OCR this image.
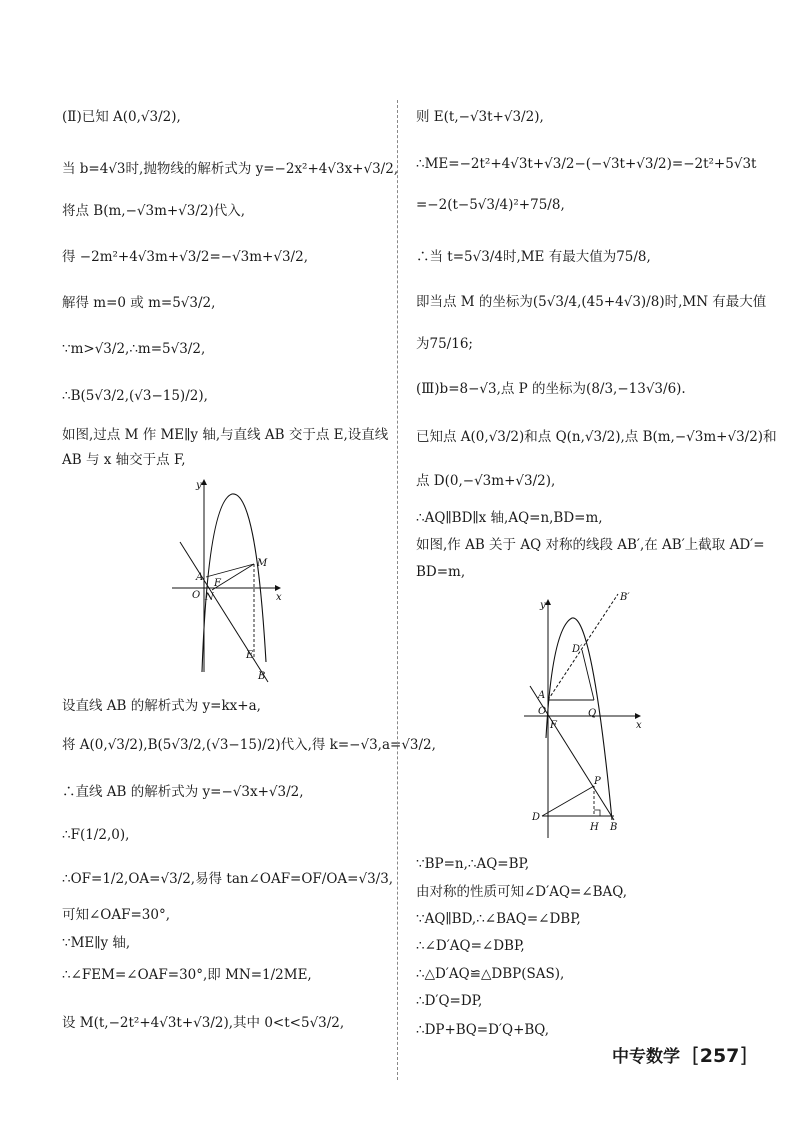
(Ⅱ)已知 A(0,√3/2),
当 b=4√3时,抛物线的解析式为 y=−2x²+4√3x+√3/2,
将点 B(m,−√3m+√3/2)代入,
得 −2m²+4√3m+√3/2=−√3m+√3/2,
解得 m=0 或 m=5√3/2,
∵m>√3/2,∴m=5√3/2,
∴B(5√3/2,(√3−15)/2),
如图,过点 M 作 ME∥y 轴,与直线 AB 交于点 E,设直线
AB 与 x 轴交于点 F,
设直线 AB 的解析式为 y=kx+a,
将 A(0,√3/2),B(5√3/2,(√3−15)/2)代入,得 k=−√3,a=√3/2,
∴直线 AB 的解析式为 y=−√3x+√3/2,
∴F(1/2,0),
∴OF=1/2,OA=√3/2,易得 tan∠OAF=OF/OA=√3/3,
可知∠OAF=30°,
∵ME∥y 轴,
∴∠FEM=∠OAF=30°,即 MN=1/2ME,
设 M(t,−2t²+4√3t+√3/2),其中 0<t<5√3/2,
y
x
O
A
N
F
M
E
B
则 E(t,−√3t+√3/2),
∴ME=−2t²+4√3t+√3/2−(−√3t+√3/2)=−2t²+5√3t
=−2(t−5√3/4)²+75/8,
∴当 t=5√3/4时,ME 有最大值为75/8,
即当点 M 的坐标为(5√3/4,(45+4√3)/8)时,MN 有最大值
为75/16;
(Ⅲ)b=8−√3,点 P 的坐标为(8/3,−13√3/6).
已知点 A(0,√3/2)和点 Q(n,√3/2),点 B(m,−√3m+√3/2)和
点 D(0,−√3m+√3/2),
∴AQ∥BD∥x 轴,AQ=n,BD=m,
如图,作 AB 关于 AQ 对称的线段 AB′,在 AB′上截取 AD′=
BD=m,
∵BP=n,∴AQ=BP,
由对称的性质可知∠D′AQ=∠BAQ,
∵AQ∥BD,∴∠BAQ=∠DBP,
∴∠D′AQ=∠DBP,
∴△D′AQ≌△DBP(SAS),
∴D′Q=DP,
∴DP+BQ=D′Q+BQ,
y
x
B′
D′
A
Q
O
F
P
D
H B
中专数学 [257]
